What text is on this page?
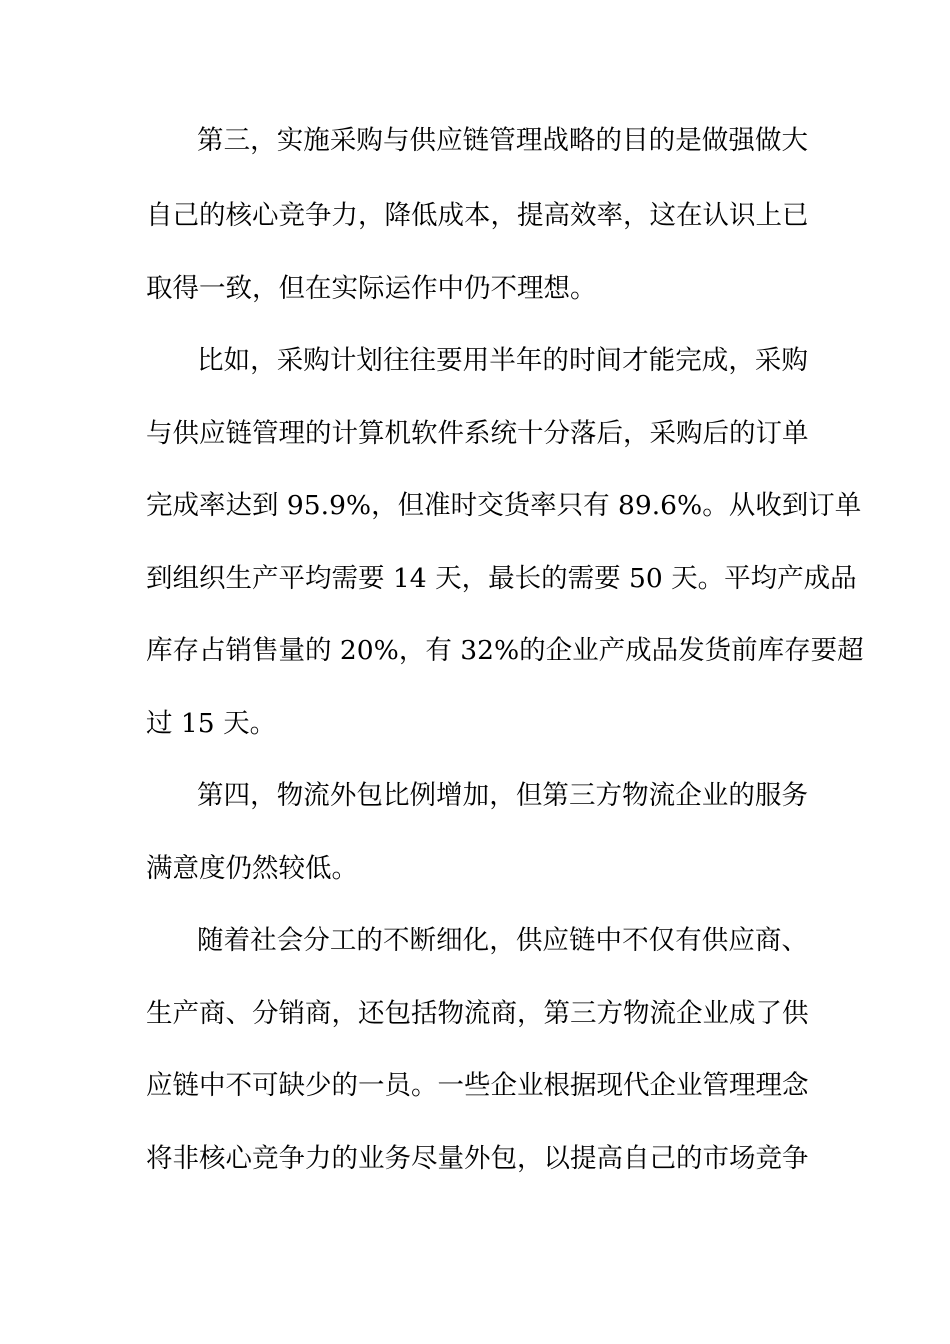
第三，实施采购与供应链管理战略的目的是做强做大
自己的核心竞争力，降低成本，提高效率，这在认识上已
取得一致，但在实际运作中仍不理想。
比如，采购计划往往要用半年的时间才能完成，采购
与供应链管理的计算机软件系统十分落后，采购后的订单
完成率达到 95.9%，但准时交货率只有 89.6%。从收到订单
到组织生产平均需要 14 天，最长的需要 50 天。平均产成品
库存占销售量的 20%，有 32%的企业产成品发货前库存要超
过 15 天。
第四，物流外包比例增加，但第三方物流企业的服务
满意度仍然较低。
随着社会分工的不断细化，供应链中不仅有供应商、
生产商、分销商，还包括物流商，第三方物流企业成了供
应链中不可缺少的一员。一些企业根据现代企业管理理念
将非核心竞争力的业务尽量外包，以提高自己的市场竞争
